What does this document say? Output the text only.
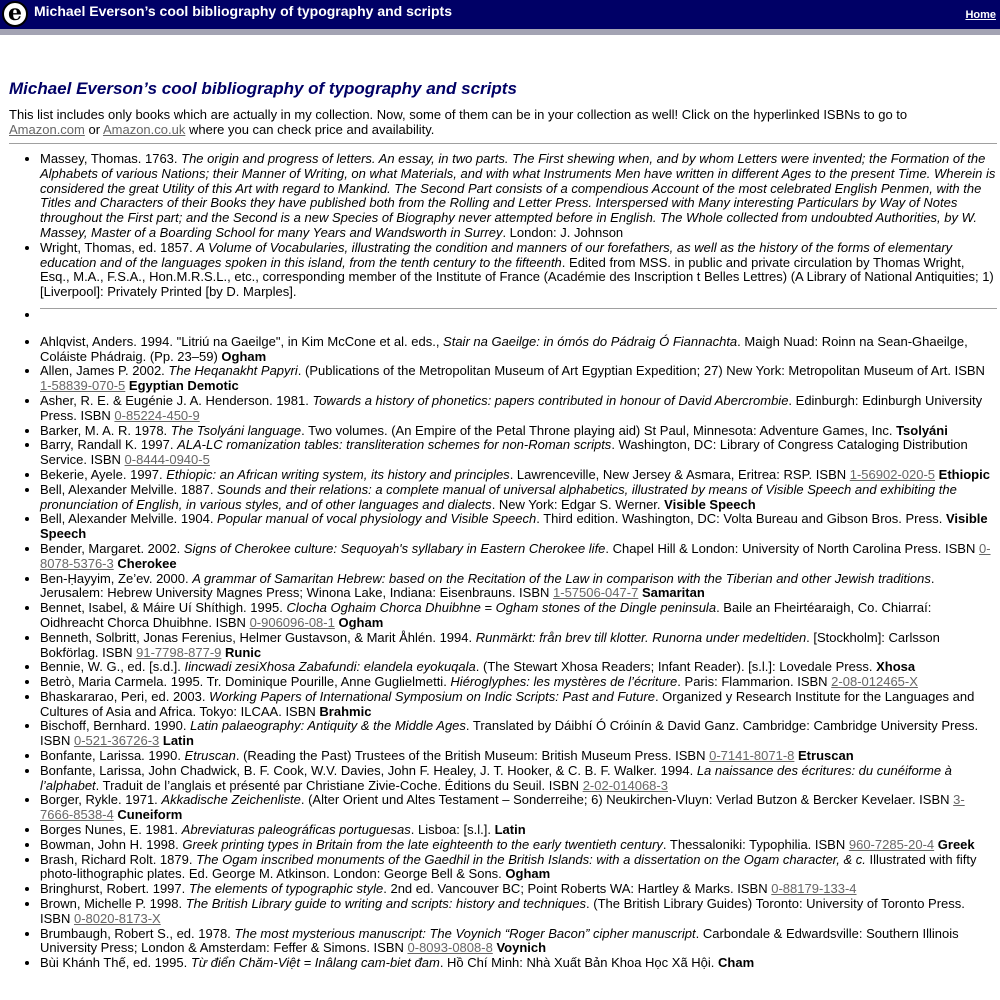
e Michael Everson’s cool bibliography of typography and scripts	Home
Michael Everson’s cool bibliography of typography and scripts

This list includes only books which are actually in my collection. Now, some of them can be in your collection as well! Click on the hyperlinked ISBNs to go to
Amazon.com or Amazon.co.uk where you can check price and availability.

• Massey, Thomas. 1763. The origin and progress of letters. An essay, in two parts. The First shewing when, and by whom Letters were invented; the Formation of the Alphabets of various Nations; their Manner of Writing, on what Materials, and with what Instruments Men have written in different Ages to the present Time. Wherein is considered the great Utility of this Art with regard to Mankind. The Second Part consists of a compendious Account of the most celebrated English Penmen, with the Titles and Characters of their Books they have published both from the Rolling and Letter Press. Interspersed with Many interesting Particulars by Way of Notes throughout the First part; and the Second is a new Species of Biography never attempted before in English. The Whole collected from undoubted Authorities, by W. Massey, Master of a Boarding School for many Years and Wandsworth in Surrey. London: J. Johnson
• Wright, Thomas, ed. 1857. A Volume of Vocabularies, illustrating the condition and manners of our forefathers, as well as the history of the forms of elementary education and of the languages spoken in this island, from the tenth century to the fifteenth. Edited from MSS. in public and private circulation by Thomas Wright, Esq., M.A., F.S.A., Hon.M.R.S.L., etc., corresponding member of the Institute of France (Académie des Inscription t Belles Lettres) (A Library of National Antiquities; 1) [Liverpool]: Privately Printed [by D. Marples].
•
• Ahlqvist, Anders. 1994. "Litriú na Gaeilge", in Kim McCone et al. eds., Stair na Gaeilge: in ómós do Pádraig Ó Fiannachta. Maigh Nuad: Roinn na Sean-Ghaeilge, Coláiste Phádraig. (Pp. 23–59) Ogham
• Allen, James P. 2002. The Heqanakht Papyri. (Publications of the Metropolitan Museum of Art Egyptian Expedition; 27) New York: Metropolitan Museum of Art. ISBN 1-58839-070-5 Egyptian Demotic
• Asher, R. E. & Eugénie J. A. Henderson. 1981. Towards a history of phonetics: papers contributed in honour of David Abercrombie. Edinburgh: Edinburgh University Press. ISBN 0-85224-450-9
• Barker, M. A. R. 1978. The Tsolyáni language. Two volumes. (An Empire of the Petal Throne playing aid) St Paul, Minnesota: Adventure Games, Inc. Tsolyáni
• Barry, Randall K. 1997. ALA-LC romanization tables: transliteration schemes for non-Roman scripts. Washington, DC: Library of Congress Cataloging Distribution Service. ISBN 0-8444-0940-5
• Bekerie, Ayele. 1997. Ethiopic: an African writing system, its history and principles. Lawrenceville, New Jersey & Asmara, Eritrea: RSP. ISBN 1-56902-020-5 Ethiopic
• Bell, Alexander Melville. 1887. Sounds and their relations: a complete manual of universal alphabetics, illustrated by means of Visible Speech and exhibiting the pronunciation of English, in various styles, and of other languages and dialects. New York: Edgar S. Werner. Visible Speech
• Bell, Alexander Melville. 1904. Popular manual of vocal physiology and Visible Speech. Third edition. Washington, DC: Volta Bureau and Gibson Bros. Press. Visible Speech
• Bender, Margaret. 2002. Signs of Cherokee culture: Sequoyah's syllabary in Eastern Cherokee life. Chapel Hill & London: University of North Carolina Press. ISBN 0-8078-5376-3 Cherokee
• Ben-Ḥayyim, Ze’ev. 2000. A grammar of Samaritan Hebrew: based on the Recitation of the Law in comparison with the Tiberian and other Jewish traditions. Jerusalem: Hebrew University Magnes Press; Winona Lake, Indiana: Eisenbrauns. ISBN 1-57506-047-7 Samaritan
• Bennet, Isabel, & Máire Uí Shíthigh. 1995. Clocha Oghaim Chorca Dhuibhne = Ogham stones of the Dingle peninsula. Baile an Fheirtéaraigh, Co. Chiarraí: Oidhreacht Chorca Dhuibhne. ISBN 0-906096-08-1 Ogham
• Benneth, Solbritt, Jonas Ferenius, Helmer Gustavson, & Marit Åhlén. 1994. Runmärkt: från brev till klotter. Runorna under medeltiden. [Stockholm]: Carlsson Bokförlag. ISBN 91-7798-877-9 Runic
• Bennie, W. G., ed. [s.d.]. Iincwadi zesiXhosa Zabafundi: elandela eyokuqala. (The Stewart Xhosa Readers; Infant Reader). [s.l.]: Lovedale Press. Xhosa
• Betrò, Maria Carmela. 1995. Tr. Dominique Pourille, Anne Guglielmetti. Hiéroglyphes: les mystères de l’écriture. Paris: Flammarion. ISBN 2-08-012465-X
• Bhaskararao, Peri, ed. 2003. Working Papers of International Symposium on Indic Scripts: Past and Future. Organized y Research Institute for the Languages and Cultures of Asia and Africa. Tokyo: ILCAA. ISBN Brahmic
• Bischoff, Bernhard. 1990. Latin palaeography: Antiquity & the Middle Ages. Translated by Dáibhí Ó Cróinín & David Ganz. Cambridge: Cambridge University Press. ISBN 0-521-36726-3 Latin
• Bonfante, Larissa. 1990. Etruscan. (Reading the Past) Trustees of the British Museum: British Museum Press. ISBN 0-7141-8071-8 Etruscan
• Bonfante, Larissa, John Chadwick, B. F. Cook, W.V. Davies, John F. Healey, J. T. Hooker, & C. B. F. Walker. 1994. La naissance des écritures: du cunéiforme à l’alphabet. Traduit de l’anglais et présenté par Christiane Zivie-Coche. Éditions du Seuil. ISBN 2-02-014068-3
• Borger, Rykle. 1971. Akkadische Zeichenliste. (Alter Orient und Altes Testament – Sonderreihe; 6) Neukirchen-Vluyn: Verlad Butzon & Bercker Kevelaer. ISBN 3-7666-8538-4 Cuneiform
• Borges Nunes, E. 1981. Abreviaturas paleográficas portuguesas. Lisboa: [s.l.]. Latin
• Bowman, John H. 1998. Greek printing types in Britain from the late eighteenth to the early twentieth century. Thessaloniki: Typophilia. ISBN 960-7285-20-4 Greek
• Brash, Richard Rolt. 1879. The Ogam inscribed monuments of the Gaedhil in the British Islands: with a dissertation on the Ogam character, & c. Illustrated with fifty photo-lithographic plates. Ed. George M. Atkinson. London: George Bell & Sons. Ogham
• Bringhurst, Robert. 1997. The elements of typographic style. 2nd ed. Vancouver BC; Point Roberts WA: Hartley & Marks. ISBN 0-88179-133-4
• Brown, Michelle P. 1998. The British Library guide to writing and scripts: history and techniques. (The British Library Guides) Toronto: University of Toronto Press. ISBN 0-8020-8173-X
• Brumbaugh, Robert S., ed. 1978. The most mysterious manuscript: The Voynich “Roger Bacon” cipher manuscript. Carbondale & Edwardsville: Southern Illinois University Press; London & Amsterdam: Feffer & Simons. ISBN 0-8093-0808-8 Voynich
• Bùi Khánh Thế, ed. 1995. Từ điển Chăm-Việt = Inâlang cam-biet đam. Hồ Chí Minh: Nhà Xuất Bản Khoa Học Xã Hội. Cham
